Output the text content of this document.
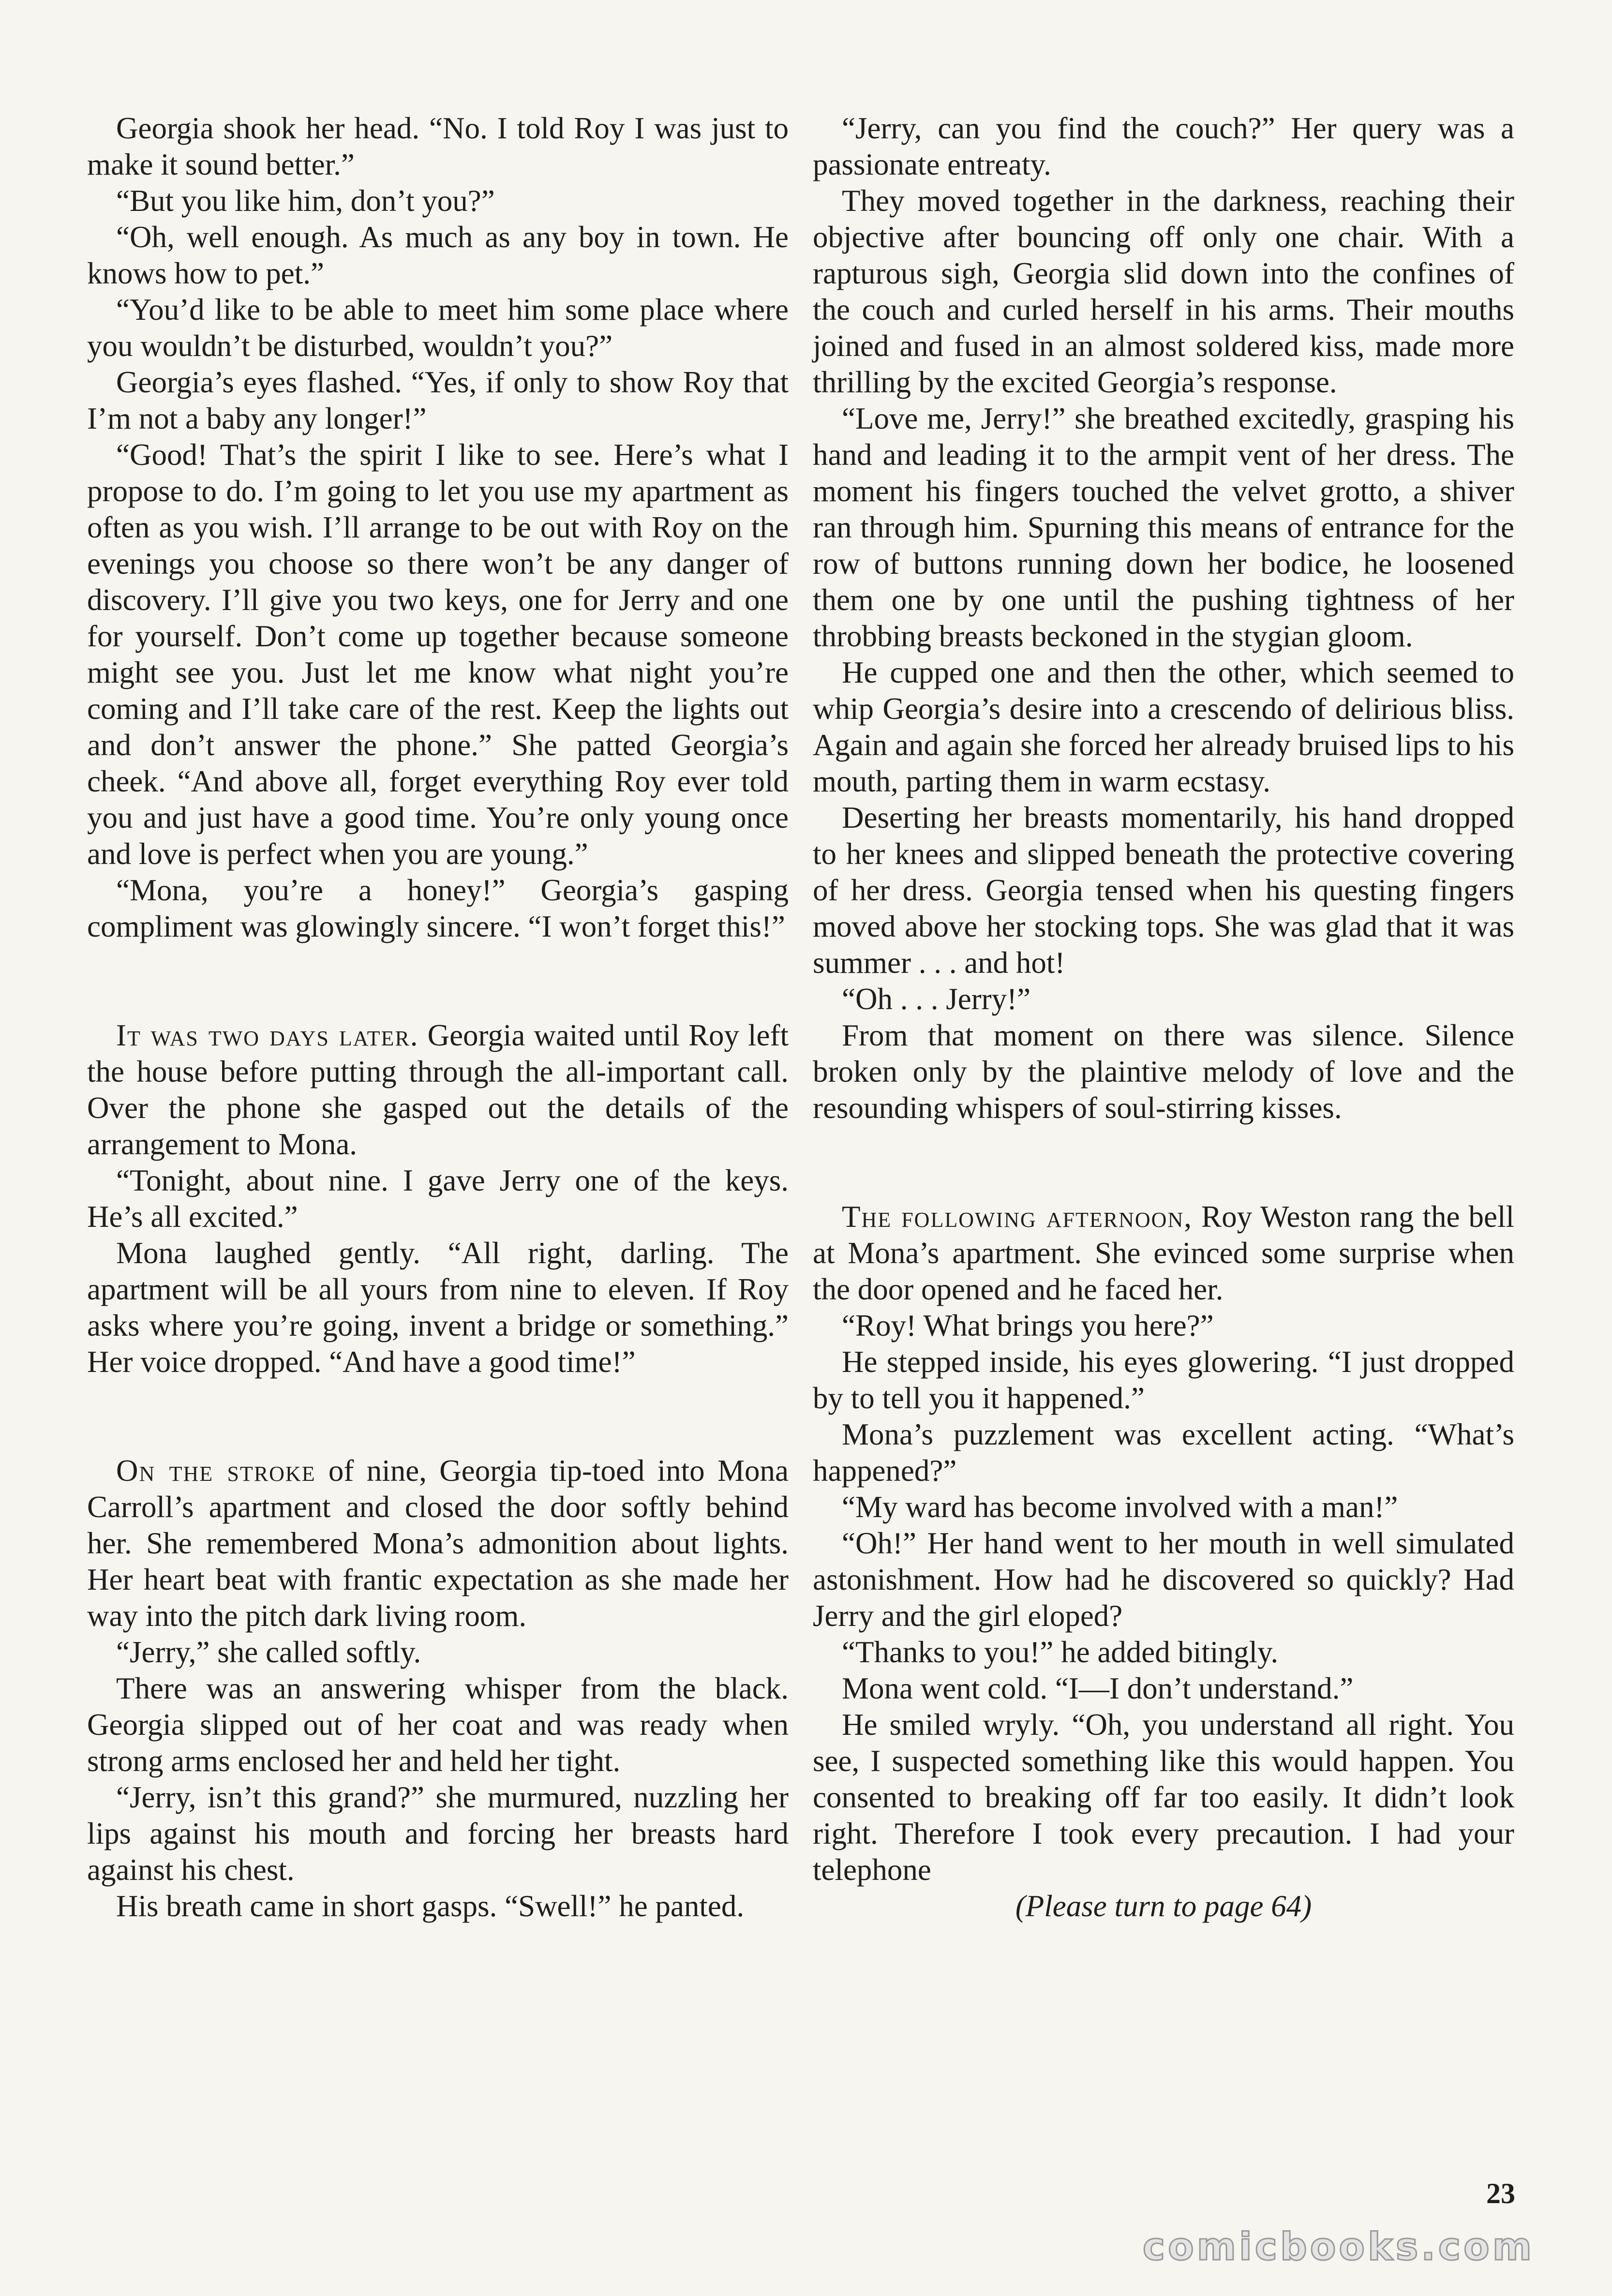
Georgia shook her head. “No. I told Roy I was just to make it sound better.”

“But you like him, don’t you?”

“Oh, well enough. As much as any boy in town. He knows how to pet.”

“You’d like to be able to meet him some place where you wouldn’t be disturbed, wouldn’t you?”

Georgia’s eyes flashed. “Yes, if only to show Roy that I’m not a baby any longer!”

“Good! That’s the spirit I like to see. Here’s what I propose to do. I’m going to let you use my apartment as often as you wish. I’ll arrange to be out with Roy on the evenings you choose so there won’t be any danger of discovery. I’ll give you two keys, one for Jerry and one for yourself. Don’t come up together because someone might see you. Just let me know what night you’re coming and I’ll take care of the rest. Keep the lights out and don’t answer the phone.” She patted Georgia’s cheek. “And above all, forget everything Roy ever told you and just have a good time. You’re only young once and love is perfect when you are young.”

“Mona, you’re a honey!” Georgia’s gasping compliment was glowingly sincere. “I won’t forget this!”

It was two days later. Georgia waited until Roy left the house before putting through the all-important call. Over the phone she gasped out the details of the arrangement to Mona.

“Tonight, about nine. I gave Jerry one of the keys. He’s all excited.”

Mona laughed gently. “All right, darling. The apartment will be all yours from nine to eleven. If Roy asks where you’re going, invent a bridge or something.” Her voice dropped. “And have a good time!”

On the stroke of nine, Georgia tip-toed into Mona Carroll’s apartment and closed the door softly behind her. She remembered Mona’s admonition about lights. Her heart beat with frantic expectation as she made her way into the pitch dark living room.

“Jerry,” she called softly.

There was an answering whisper from the black. Georgia slipped out of her coat and was ready when strong arms enclosed her and held her tight.

“Jerry, isn’t this grand?” she murmured, nuzzling her lips against his mouth and forcing her breasts hard against his chest.

His breath came in short gasps. “Swell!” he panted.

“Jerry, can you find the couch?” Her query was a passionate entreaty.

They moved together in the darkness, reaching their objective after bouncing off only one chair. With a rapturous sigh, Georgia slid down into the confines of the couch and curled herself in his arms. Their mouths joined and fused in an almost soldered kiss, made more thrilling by the excited Georgia’s response.

“Love me, Jerry!” she breathed excitedly, grasping his hand and leading it to the armpit vent of her dress. The moment his fingers touched the velvet grotto, a shiver ran through him. Spurning this means of entrance for the row of buttons running down her bodice, he loosened them one by one until the pushing tightness of her throbbing breasts beckoned in the stygian gloom.

He cupped one and then the other, which seemed to whip Georgia’s desire into a crescendo of delirious bliss. Again and again she forced her already bruised lips to his mouth, parting them in warm ecstasy.

Deserting her breasts momentarily, his hand dropped to her knees and slipped beneath the protective covering of her dress. Georgia tensed when his questing fingers moved above her stocking tops. She was glad that it was summer . . . and hot!

“Oh . . . Jerry!”

From that moment on there was silence. Silence broken only by the plaintive melody of love and the resounding whispers of soul-stirring kisses.

The following afternoon, Roy Weston rang the bell at Mona’s apartment. She evinced some surprise when the door opened and he faced her.

“Roy! What brings you here?”

He stepped inside, his eyes glowering. “I just dropped by to tell you it happened.”

Mona’s puzzlement was excellent acting. “What’s happened?”

“My ward has become involved with a man!”

“Oh!” Her hand went to her mouth in well simulated astonishment. How had he discovered so quickly? Had Jerry and the girl eloped?

“Thanks to you!” he added bitingly.

Mona went cold. “I—I don’t understand.”

He smiled wryly. “Oh, you understand all right. You see, I suspected something like this would happen. You consented to breaking off far too easily. It didn’t look right. Therefore I took every precaution. I had your telephone

(Please turn to page 64)

23
comicbooks.com
